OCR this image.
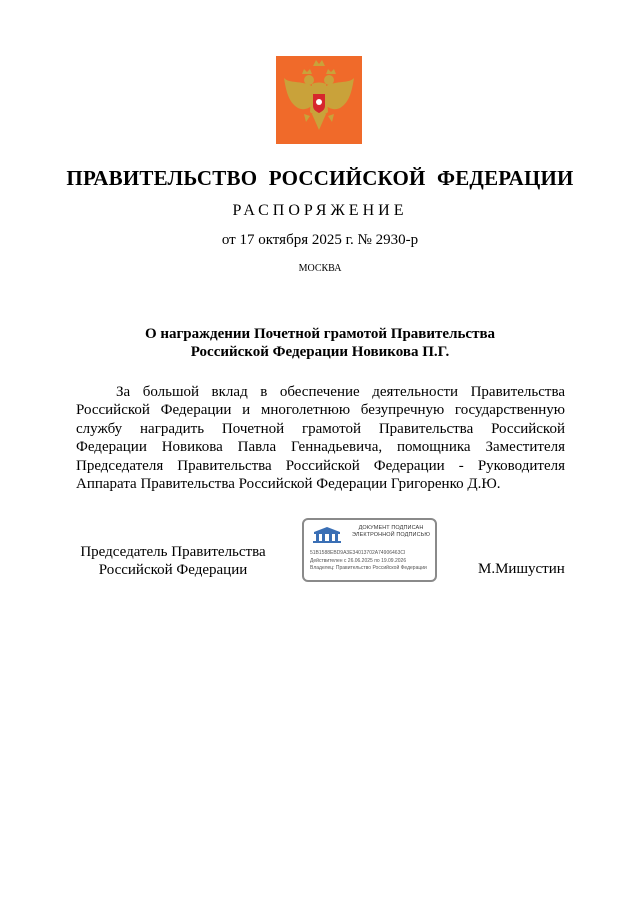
ПРАВИТЕЛЬСТВО РОССИЙСКОЙ ФЕДЕРАЦИИ
РАСПОРЯЖЕНИЕ
от 17 октября 2025 г. № 2930-р
МОСКВА
О награждении Почетной грамотой Правительства
Российской Федерации Новикова П.Г.

За большой вклад в обеспечение деятельности Правительства Российской Федерации и многолетнюю безупречную государственную службу наградить Почетной грамотой Правительства Российской Федерации Новикова Павла Геннадьевича, помощника Заместителя Председателя Правительства Российской Федерации - Руководителя Аппарата Правительства Российской Федерации Григоренко Д.Ю.

Председатель Правительства
Российской Федерации
ДОКУМЕНТ ПОДПИСАН
ЭЛЕКТРОННОЙ ПОДПИСЬЮ
51B1588EBD9A3E34013702A74906463CI
Действителен с 26.06.2025 по 19.09.2026
Владелец: Правительство Российской Федерации	М.Мишустин
